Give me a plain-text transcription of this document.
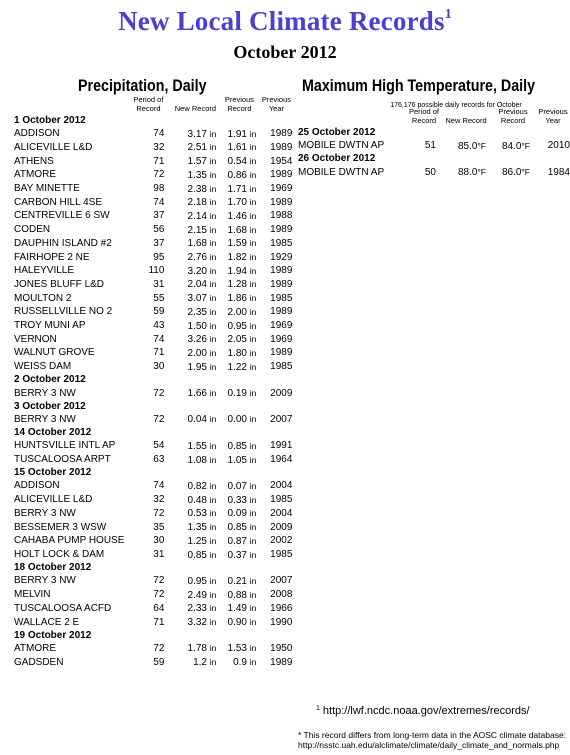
New Local Climate Records$^1$
October 2012
Precipitation, Daily	Maximum High Temperature, Daily
	Period of Record	New Record	Previous Record	Previous Year
1 October 2012				
ADDISON	74	3.17 in	1.91 in	1989
ALICEVILLE L&D	32	2.51 in	1.61 in	1989
ATHENS	71	1.57 in	0.54 in	1954
ATMORE	72	1.35 in	0.86 in	1989
BAY MINETTE	98	2.38 in	1.71 in	1969
CARBON HILL 4SE	74	2.18 in	1.70 in	1989
CENTREVILLE 6 SW	37	2.14 in	1.46 in	1988
CODEN	56	2.15 in	1.68 in	1989
DAUPHIN ISLAND #2	37	1.68 in	1.59 in	1985
FAIRHOPE 2 NE	95	2.76 in	1.82 in	1929
HALEYVILLE	110	3.20 in	1.94 in	1989
JONES BLUFF L&D	31	2.04 in	1.28 in	1989
MOULTON 2	55	3.07 in	1.86 in	1985
RUSSELLVILLE NO 2	59	2.35 in	2.00 in	1989
TROY MUNI AP	43	1.50 in	0.95 in	1969
VERNON	74	3.26 in	2.05 in	1969
WALNUT GROVE	71	2.00 in	1.80 in	1989
WEISS DAM	30	1.95 in	1.22 in	1985
2 October 2012				
BERRY 3 NW	72	1.66 in	0.19 in	2009
3 October 2012				
BERRY 3 NW	72	0.04 in	0.00 in	2007
14 October 2012				
HUNTSVILLE INTL AP	54	1.55 in	0.85 in	1991
TUSCALOOSA ARPT	63	1.08 in	1.05 in	1964
15 October 2012				
ADDISON	74	0.82 in	0.07 in	2004
ALICEVILLE L&D	32	0.48 in	0.33 in	1985
BERRY 3 NW	72	0.53 in	0.09 in	2004
BESSEMER 3 WSW	35	1.35 in	0.85 in	2009
CAHABA PUMP HOUSE	30	1.25 in	0.87 in	2002
HOLT LOCK & DAM	31	0.85 in	0.37 in	1985
18 October 2012				
BERRY 3 NW	72	0.95 in	0.21 in	2007
MELVIN	72	2.49 in	0.88 in	2008
TUSCALOOSA ACFD	64	2.33 in	1.49 in	1966
WALLACE 2 E	71	3.32 in	0.90 in	1990
19 October 2012				
ATMORE	72	1.78 in	1.53 in	1950
GADSDEN	59	1.2 in	0.9 in	1989
176,176 possible daily records for October
	Period of Record	New Record	Previous Record	Previous Year
25 October 2012				
MOBILE DWTN AP	51	85.0°F	84.0°F	2010
26 October 2012				
MOBILE DWTN AP	50	88.0°F	86.0°F	1984
$^1$ http://lwf.ncdc.noaa.gov/extremes/records/
* This record differs from long-term data in the AOSC climate database:
http://nsstc.uah.edu/alclimate/climate/daily_climate_and_normals.php
